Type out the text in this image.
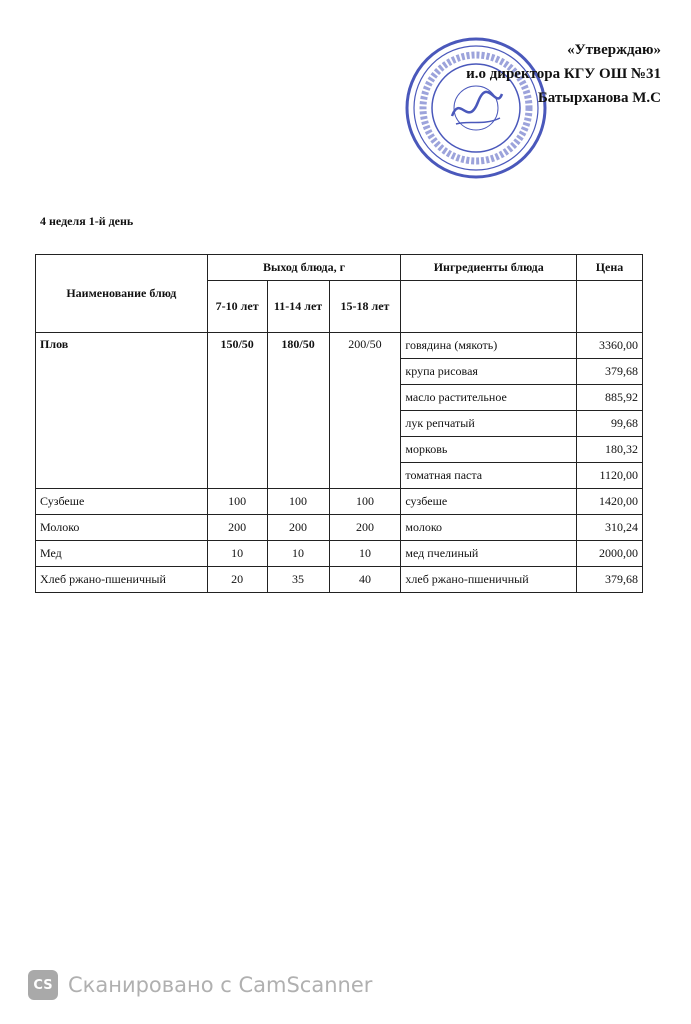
«Утверждаю»
и.о директора КГУ ОШ №31
Батырханова М.С
4 неделя 1-й день
Наименование блюд	Выход блюда, г			Ингредиенты блюда	Цена
	7-10 лет	11-14 лет	15-18 лет		
Плов	150/50	180/50	200/50	говядина (мякоть)	3360,00
				крупа рисовая	379,68
				масло растительное	885,92
				лук репчатый	99,68
				морковь	180,32
				томатная паста	1120,00
Сузбеше	100	100	100	сузбеше	1420,00
Молоко	200	200	200	молоко	310,24
Мед	10	10	10	мед пчелиный	2000,00
Хлеб ржано-пшеничный	20	35	40	хлеб ржано-пшеничный	379,68
CS Сканировано с CamScanner
